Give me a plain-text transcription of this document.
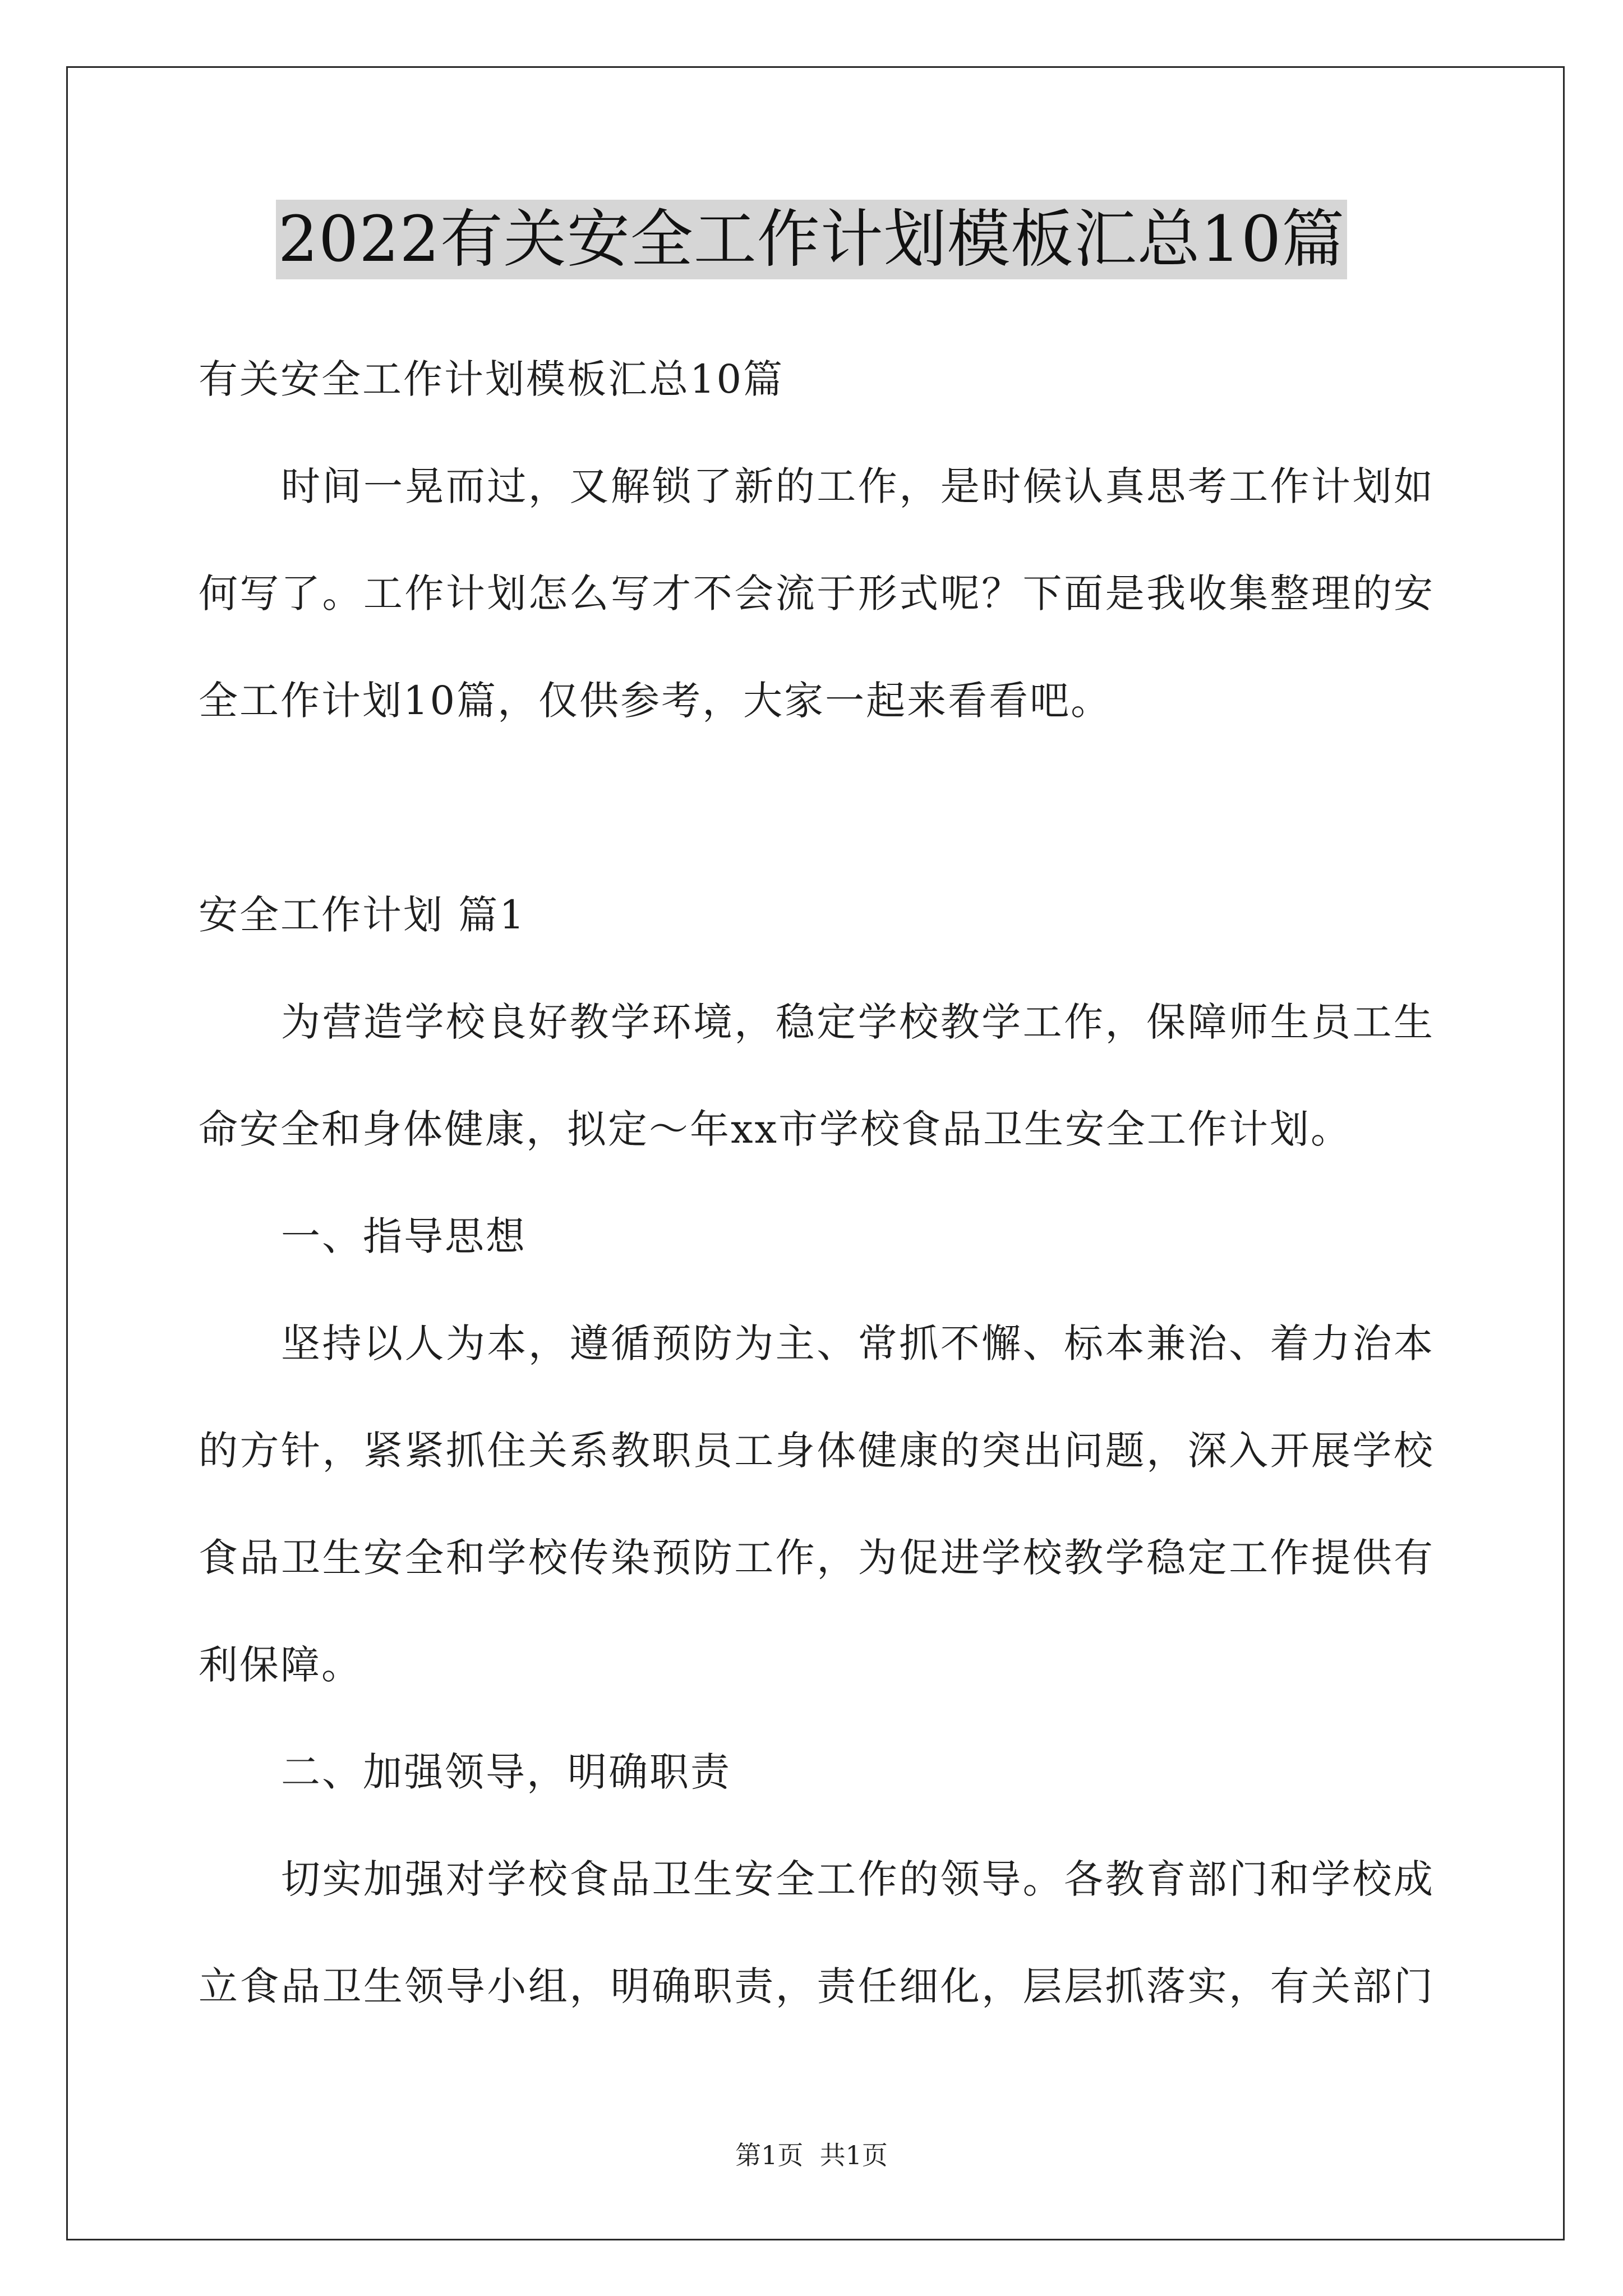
2022有关安全工作计划模板汇总10篇
有关安全工作计划模板汇总10篇
时间一晃而过，又解锁了新的工作，是时候认真思考工作计划如
何写了。工作计划怎么写才不会流于形式呢？下面是我收集整理的安
全工作计划10篇，仅供参考，大家一起来看看吧。
安全工作计划 篇1
为营造学校良好教学环境，稳定学校教学工作，保障师生员工生
命安全和身体健康，拟定～年xx市学校食品卫生安全工作计划。
一、指导思想
坚持以人为本，遵循预防为主、常抓不懈、标本兼治、着力治本
的方针，紧紧抓住关系教职员工身体健康的突出问题，深入开展学校
食品卫生安全和学校传染预防工作，为促进学校教学稳定工作提供有
利保障。
二、加强领导，明确职责
切实加强对学校食品卫生安全工作的领导。各教育部门和学校成
立食品卫生领导小组，明确职责，责任细化，层层抓落实，有关部门
第1页  共1页
